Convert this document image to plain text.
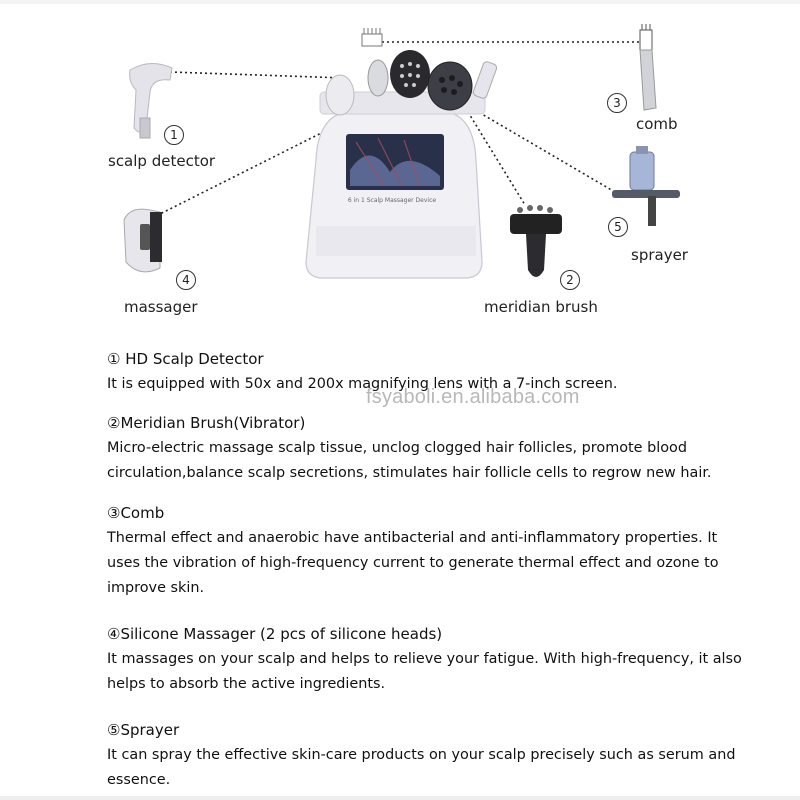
6 in 1 Scalp Massager Device
1
scalp detector
3
comb
5
sprayer
4
massager
2
meridian brush
fsyaboli.en.alibaba.com
① HD Scalp Detector
It is equipped with 50x and 200x magnifying lens with a 7-inch screen.
②Meridian Brush(Vibrator)
Micro-electric massage scalp tissue, unclog clogged hair follicles, promote blood circulation,balance scalp secretions, stimulates hair follicle cells to regrow new hair.
③Comb
Thermal effect and anaerobic have antibacterial and anti-inflammatory properties. It uses the vibration of high-frequency current to generate thermal effect and ozone to improve skin.
④Silicone Massager (2 pcs of silicone heads)
It massages on your scalp and helps to relieve your fatigue. With high-frequency, it also helps to absorb the active ingredients.
⑤Sprayer
It can spray the effective skin-care products on your scalp precisely such as serum and essence.
